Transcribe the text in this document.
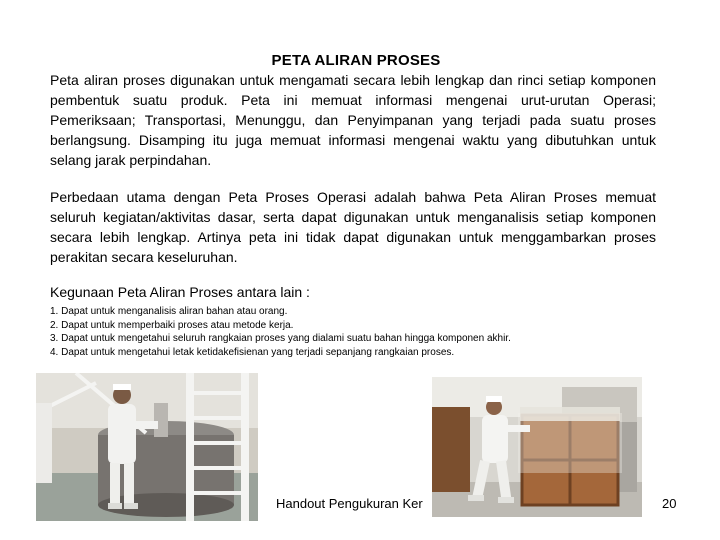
PETA ALIRAN PROSES
Peta aliran proses digunakan untuk mengamati secara lebih lengkap dan rinci setiap komponen pembentuk suatu produk. Peta ini memuat informasi mengenai urut-urutan Operasi; Pemeriksaan; Transportasi, Menunggu, dan Penyimpanan yang terjadi pada suatu proses berlangsung. Disamping itu juga memuat informasi mengenai waktu yang dibutuhkan untuk selang jarak perpindahan.
Perbedaan utama dengan Peta Proses Operasi adalah bahwa Peta Aliran Proses memuat seluruh kegiatan/aktivitas dasar, serta dapat digunakan untuk menganalisis setiap komponen secara lebih lengkap. Artinya peta ini tidak dapat digunakan untuk menggambarkan proses perakitan secara keseluruhan.
Kegunaan Peta Aliran Proses antara lain :
1. Dapat untuk menganalisis aliran bahan atau orang.
2. Dapat untuk memperbaiki proses atau metode kerja.
3. Dapat untuk mengetahui seluruh rangkaian proses yang dialami suatu bahan hingga komponen akhir.
4. Dapat untuk mengetahui letak ketidakefisienan yang terjadi sepanjang rangkaian proses.
Handout Pengukuran Ker	20
